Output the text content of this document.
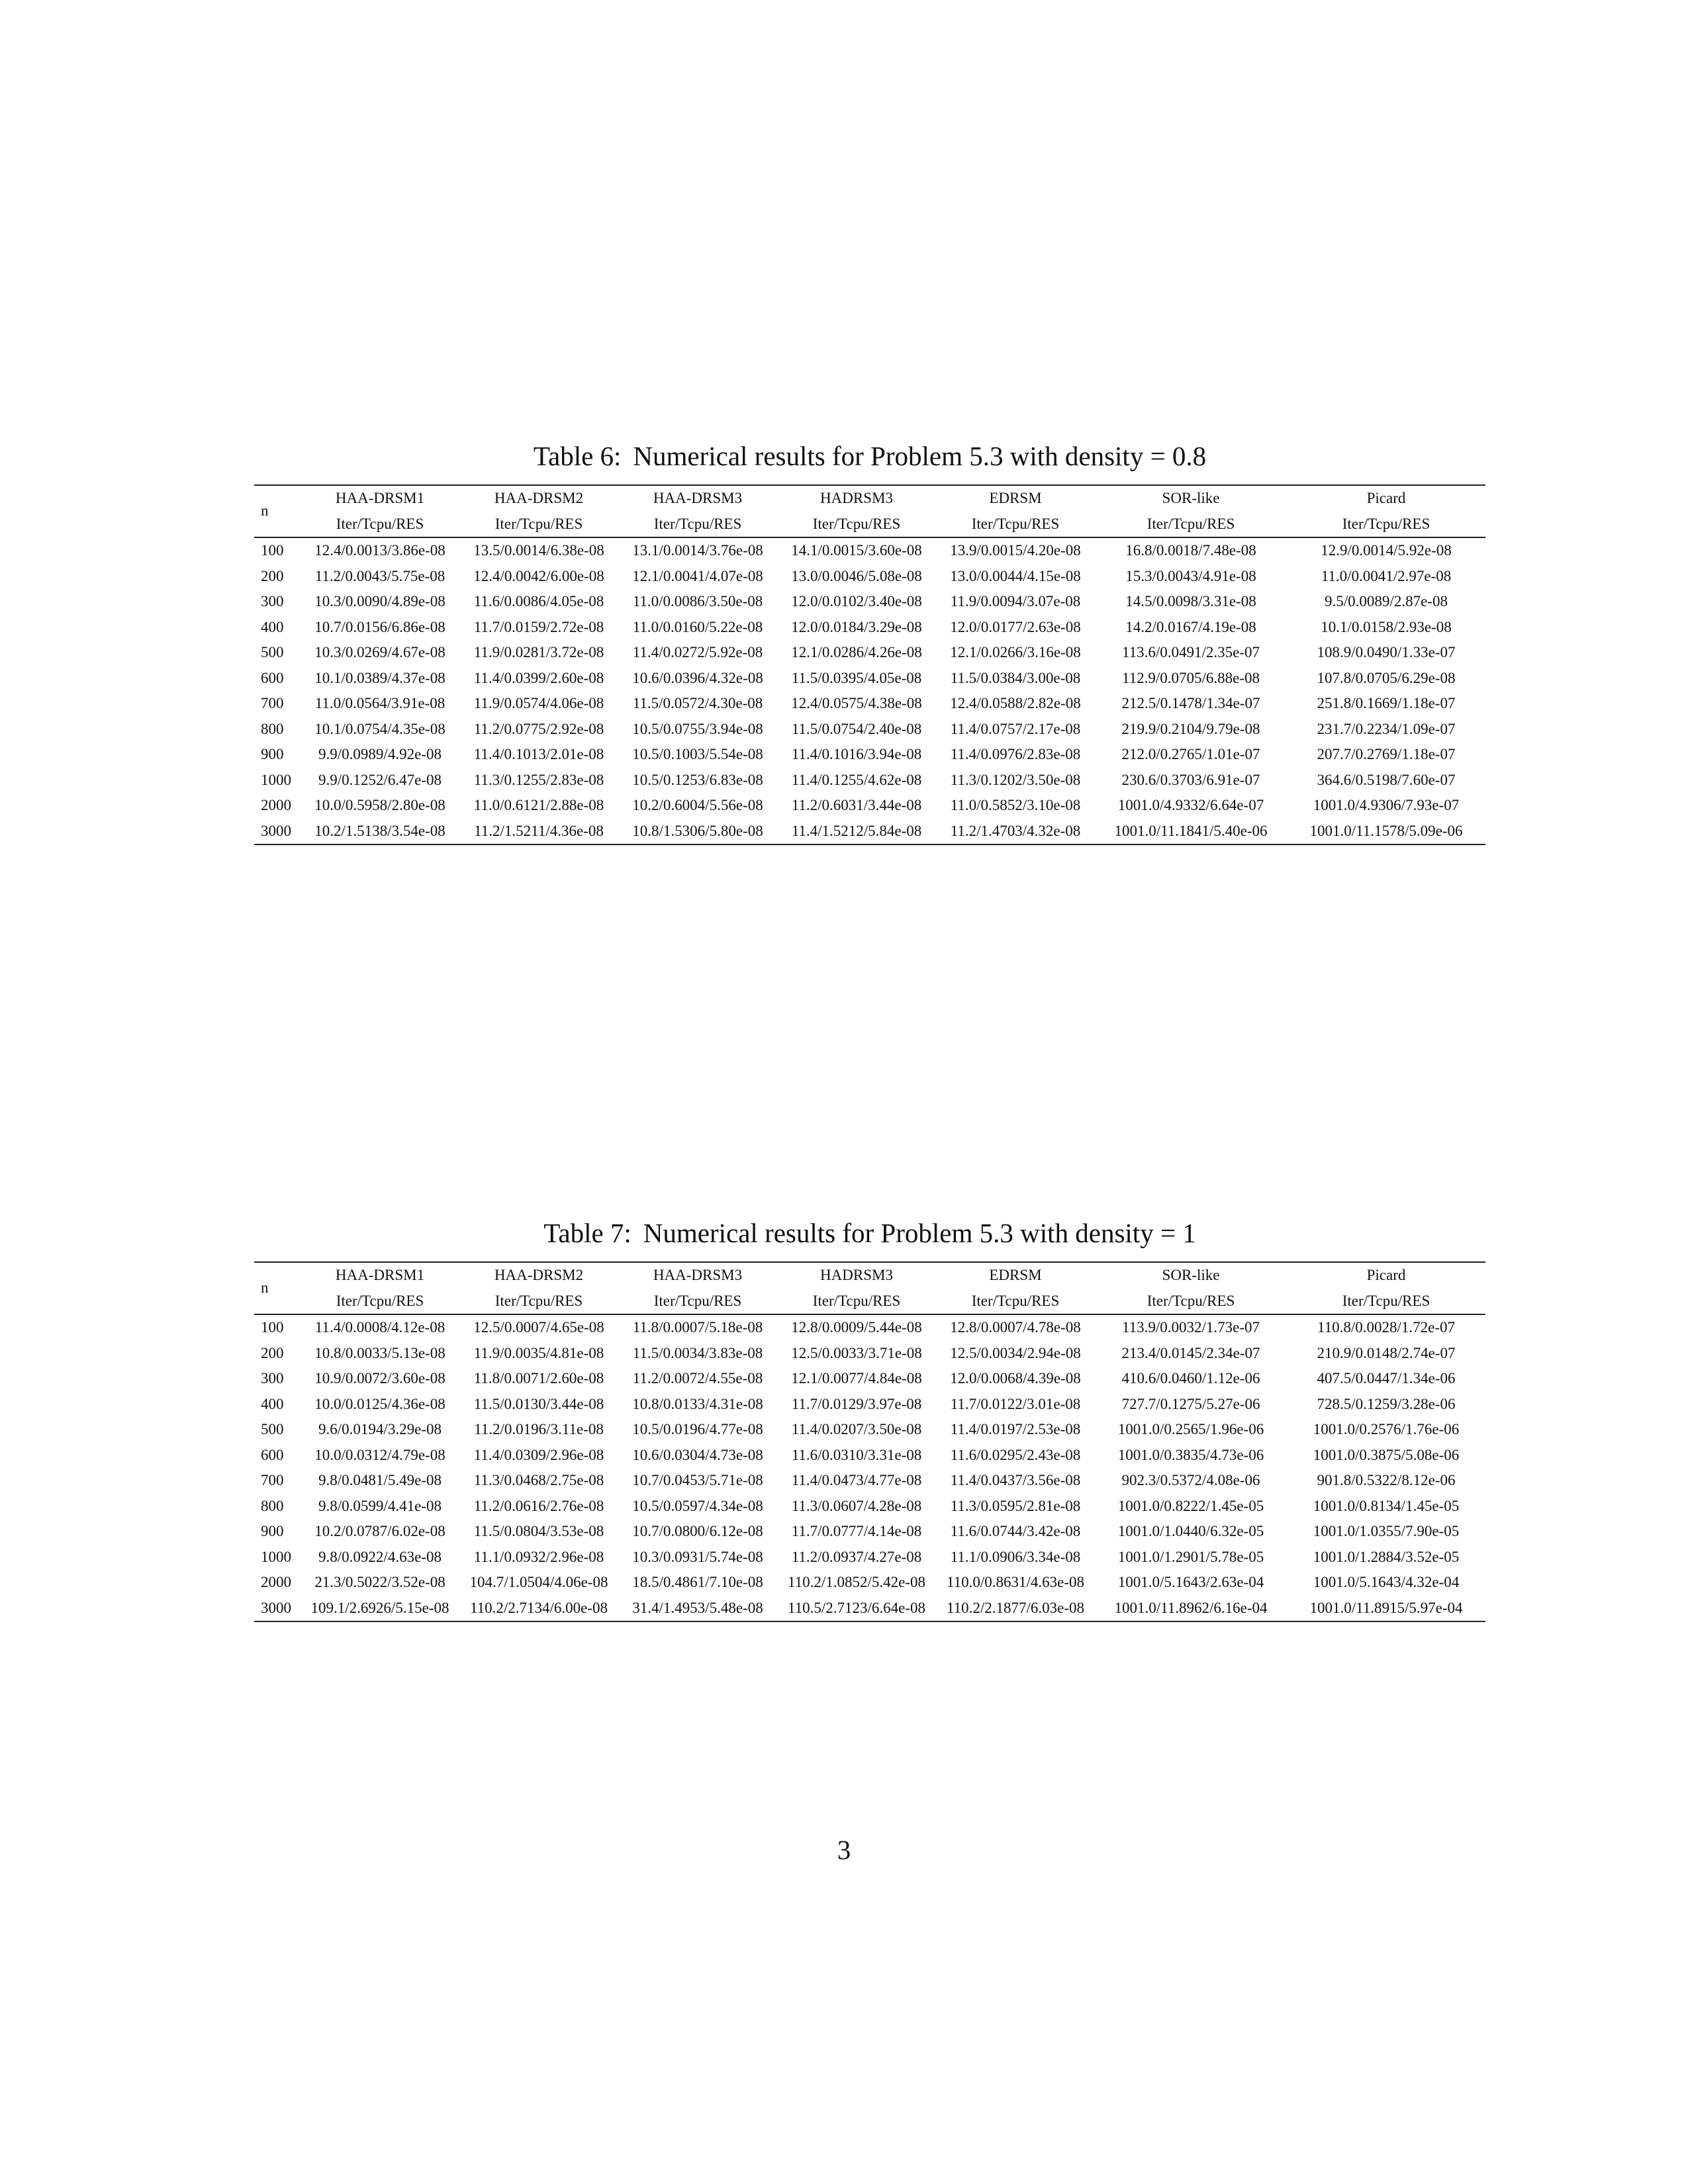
Table 6: Numerical results for Problem 5.3 with density = 0.8
n	HAA-DRSM1	HAA-DRSM2	HAA-DRSM3	HADRSM3	EDRSM	SOR-like	Picard
	Iter/Tcpu/RES	Iter/Tcpu/RES	Iter/Tcpu/RES	Iter/Tcpu/RES	Iter/Tcpu/RES	Iter/Tcpu/RES	Iter/Tcpu/RES
100	12.4/0.0013/3.86e-08	13.5/0.0014/6.38e-08	13.1/0.0014/3.76e-08	14.1/0.0015/3.60e-08	13.9/0.0015/4.20e-08	16.8/0.0018/7.48e-08	12.9/0.0014/5.92e-08
200	11.2/0.0043/5.75e-08	12.4/0.0042/6.00e-08	12.1/0.0041/4.07e-08	13.0/0.0046/5.08e-08	13.0/0.0044/4.15e-08	15.3/0.0043/4.91e-08	11.0/0.0041/2.97e-08
300	10.3/0.0090/4.89e-08	11.6/0.0086/4.05e-08	11.0/0.0086/3.50e-08	12.0/0.0102/3.40e-08	11.9/0.0094/3.07e-08	14.5/0.0098/3.31e-08	9.5/0.0089/2.87e-08
400	10.7/0.0156/6.86e-08	11.7/0.0159/2.72e-08	11.0/0.0160/5.22e-08	12.0/0.0184/3.29e-08	12.0/0.0177/2.63e-08	14.2/0.0167/4.19e-08	10.1/0.0158/2.93e-08
500	10.3/0.0269/4.67e-08	11.9/0.0281/3.72e-08	11.4/0.0272/5.92e-08	12.1/0.0286/4.26e-08	12.1/0.0266/3.16e-08	113.6/0.0491/2.35e-07	108.9/0.0490/1.33e-07
600	10.1/0.0389/4.37e-08	11.4/0.0399/2.60e-08	10.6/0.0396/4.32e-08	11.5/0.0395/4.05e-08	11.5/0.0384/3.00e-08	112.9/0.0705/6.88e-08	107.8/0.0705/6.29e-08
700	11.0/0.0564/3.91e-08	11.9/0.0574/4.06e-08	11.5/0.0572/4.30e-08	12.4/0.0575/4.38e-08	12.4/0.0588/2.82e-08	212.5/0.1478/1.34e-07	251.8/0.1669/1.18e-07
800	10.1/0.0754/4.35e-08	11.2/0.0775/2.92e-08	10.5/0.0755/3.94e-08	11.5/0.0754/2.40e-08	11.4/0.0757/2.17e-08	219.9/0.2104/9.79e-08	231.7/0.2234/1.09e-07
900	9.9/0.0989/4.92e-08	11.4/0.1013/2.01e-08	10.5/0.1003/5.54e-08	11.4/0.1016/3.94e-08	11.4/0.0976/2.83e-08	212.0/0.2765/1.01e-07	207.7/0.2769/1.18e-07
1000	9.9/0.1252/6.47e-08	11.3/0.1255/2.83e-08	10.5/0.1253/6.83e-08	11.4/0.1255/4.62e-08	11.3/0.1202/3.50e-08	230.6/0.3703/6.91e-07	364.6/0.5198/7.60e-07
2000	10.0/0.5958/2.80e-08	11.0/0.6121/2.88e-08	10.2/0.6004/5.56e-08	11.2/0.6031/3.44e-08	11.0/0.5852/3.10e-08	1001.0/4.9332/6.64e-07	1001.0/4.9306/7.93e-07
3000	10.2/1.5138/3.54e-08	11.2/1.5211/4.36e-08	10.8/1.5306/5.80e-08	11.4/1.5212/5.84e-08	11.2/1.4703/4.32e-08	1001.0/11.1841/5.40e-06	1001.0/11.1578/5.09e-06
Table 7: Numerical results for Problem 5.3 with density = 1
n	HAA-DRSM1	HAA-DRSM2	HAA-DRSM3	HADRSM3	EDRSM	SOR-like	Picard
	Iter/Tcpu/RES	Iter/Tcpu/RES	Iter/Tcpu/RES	Iter/Tcpu/RES	Iter/Tcpu/RES	Iter/Tcpu/RES	Iter/Tcpu/RES
100	11.4/0.0008/4.12e-08	12.5/0.0007/4.65e-08	11.8/0.0007/5.18e-08	12.8/0.0009/5.44e-08	12.8/0.0007/4.78e-08	113.9/0.0032/1.73e-07	110.8/0.0028/1.72e-07
200	10.8/0.0033/5.13e-08	11.9/0.0035/4.81e-08	11.5/0.0034/3.83e-08	12.5/0.0033/3.71e-08	12.5/0.0034/2.94e-08	213.4/0.0145/2.34e-07	210.9/0.0148/2.74e-07
300	10.9/0.0072/3.60e-08	11.8/0.0071/2.60e-08	11.2/0.0072/4.55e-08	12.1/0.0077/4.84e-08	12.0/0.0068/4.39e-08	410.6/0.0460/1.12e-06	407.5/0.0447/1.34e-06
400	10.0/0.0125/4.36e-08	11.5/0.0130/3.44e-08	10.8/0.0133/4.31e-08	11.7/0.0129/3.97e-08	11.7/0.0122/3.01e-08	727.7/0.1275/5.27e-06	728.5/0.1259/3.28e-06
500	9.6/0.0194/3.29e-08	11.2/0.0196/3.11e-08	10.5/0.0196/4.77e-08	11.4/0.0207/3.50e-08	11.4/0.0197/2.53e-08	1001.0/0.2565/1.96e-06	1001.0/0.2576/1.76e-06
600	10.0/0.0312/4.79e-08	11.4/0.0309/2.96e-08	10.6/0.0304/4.73e-08	11.6/0.0310/3.31e-08	11.6/0.0295/2.43e-08	1001.0/0.3835/4.73e-06	1001.0/0.3875/5.08e-06
700	9.8/0.0481/5.49e-08	11.3/0.0468/2.75e-08	10.7/0.0453/5.71e-08	11.4/0.0473/4.77e-08	11.4/0.0437/3.56e-08	902.3/0.5372/4.08e-06	901.8/0.5322/8.12e-06
800	9.8/0.0599/4.41e-08	11.2/0.0616/2.76e-08	10.5/0.0597/4.34e-08	11.3/0.0607/4.28e-08	11.3/0.0595/2.81e-08	1001.0/0.8222/1.45e-05	1001.0/0.8134/1.45e-05
900	10.2/0.0787/6.02e-08	11.5/0.0804/3.53e-08	10.7/0.0800/6.12e-08	11.7/0.0777/4.14e-08	11.6/0.0744/3.42e-08	1001.0/1.0440/6.32e-05	1001.0/1.0355/7.90e-05
1000	9.8/0.0922/4.63e-08	11.1/0.0932/2.96e-08	10.3/0.0931/5.74e-08	11.2/0.0937/4.27e-08	11.1/0.0906/3.34e-08	1001.0/1.2901/5.78e-05	1001.0/1.2884/3.52e-05
2000	21.3/0.5022/3.52e-08	104.7/1.0504/4.06e-08	18.5/0.4861/7.10e-08	110.2/1.0852/5.42e-08	110.0/0.8631/4.63e-08	1001.0/5.1643/2.63e-04	1001.0/5.1643/4.32e-04
3000	109.1/2.6926/5.15e-08	110.2/2.7134/6.00e-08	31.4/1.4953/5.48e-08	110.5/2.7123/6.64e-08	110.2/2.1877/6.03e-08	1001.0/11.8962/6.16e-04	1001.0/11.8915/5.97e-04
3
